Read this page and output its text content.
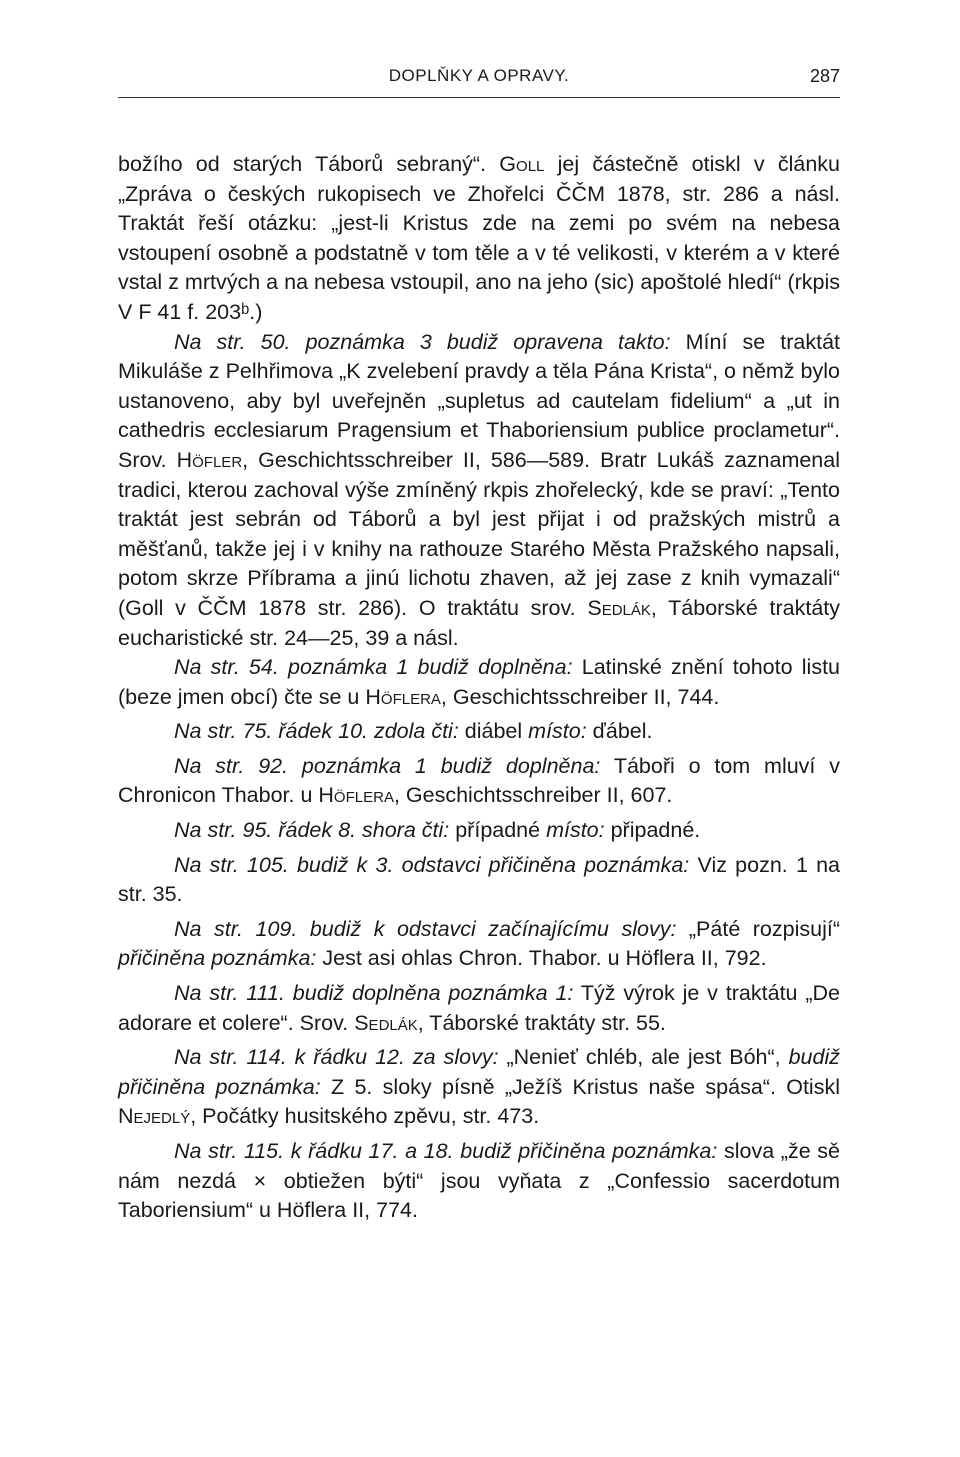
DOPLŇKY A OPRAVY.	287

božího od starých Táborů sebraný“. Goll jej částečně otiskl v článku „Zpráva o českých rukopisech ve Zhořelci ČČM 1878, str. 286 a násl. Traktát řeší otázku: „jest-li Kristus zde na zemi po svém na nebesa vstoupení osobně a podstatně v tom těle a v té velikosti, v kterém a v které vstal z mrtvých a na nebesa vstoupil, ano na jeho (sic) apoštolé hledí“ (rkpis V F 41 f. 203ᵇ.)

Na str. 50. poznámka 3 budiž opravena takto: Míní se traktát Mikuláše z Pelhřimova „K zvelebení pravdy a těla Pána Krista“, o němž bylo ustanoveno, aby byl uveřejněn „supletus ad cautelam fidelium“ a „ut in cathedris ecclesiarum Pragensium et Thaboriensium publice proclametur“. Srov. Höfler, Geschichtsschreiber II, 586—589. Bratr Lukáš zaznamenal tradici, kterou zachoval výše zmíněný rkpis zhořelecký, kde se praví: „Tento traktát jest sebrán od Táborů a byl jest přijat i od pražských mistrů a měšťanů, takže jej i v knihy na rathouze Starého Města Pražského napsali, potom skrze Příbrama a jinú lichotu zhaven, až jej zase z knih vymazali“ (Goll v ČČM 1878 str. 286). O traktátu srov. Sedlák, Táborské traktáty eucharistické str. 24—25, 39 a násl.

Na str. 54. poznámka 1 budiž doplněna: Latinské znění tohoto listu (beze jmen obcí) čte se u Höflera, Geschichtsschreiber II, 744.

Na str. 75. řádek 10. zdola čti: diábel místo: ďábel.

Na str. 92. poznámka 1 budiž doplněna: Táboři o tom mluví v Chronicon Thabor. u Höflera, Geschichtsschreiber II, 607.

Na str. 95. řádek 8. shora čti: případné místo: připadné.

Na str. 105. budiž k 3. odstavci přičiněna poznámka: Viz pozn. 1 na str. 35.

Na str. 109. budiž k odstavci začínajícímu slovy: „Páté rozpisují“ přičiněna poznámka: Jest asi ohlas Chron. Thabor. u Höflera II, 792.

Na str. 111. budiž doplněna poznámka 1: Týž výrok je v traktátu „De adorare et colere“. Srov. Sedlák, Táborské traktáty str. 55.

Na str. 114. k řádku 12. za slovy: „Nenieť chléb, ale jest Bóh“, budiž přičiněna poznámka: Z 5. sloky písně „Ježíš Kristus naše spása“. Otiskl Nejedlý, Počátky husitského zpěvu, str. 473.

Na str. 115. k řádku 17. a 18. budiž přičiněna poznámka: slova „že sě nám nezdá × obtiežen býti“ jsou vyňata z „Confessio sacerdotum Taboriensium“ u Höflera II, 774.
